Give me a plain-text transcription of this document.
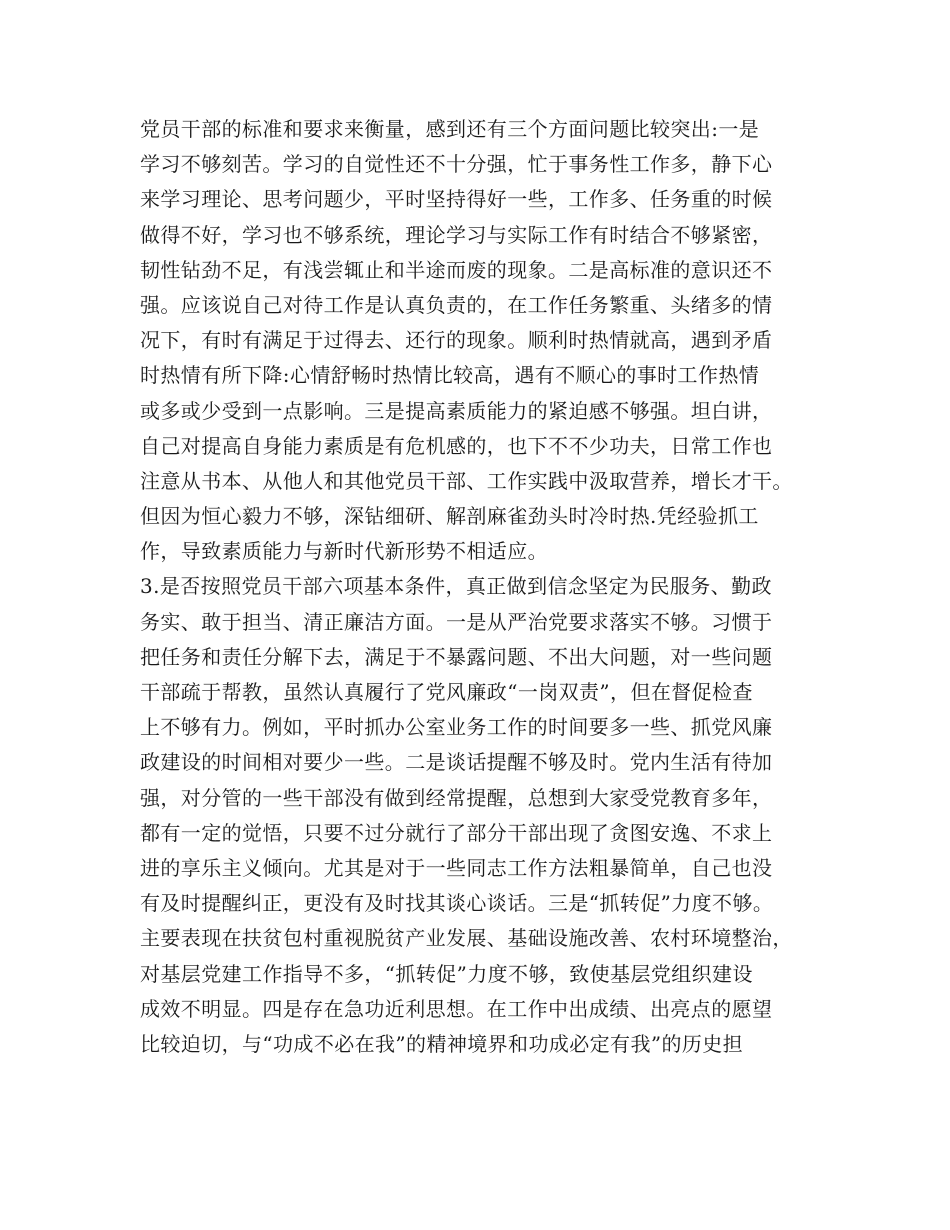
党员干部的标准和要求来衡量，感到还有三个方面问题比较突出:一是
学习不够刻苦。学习的自觉性还不十分强，忙于事务性工作多，静下心
来学习理论、思考问题少，平时坚持得好一些，工作多、任务重的时候
做得不好，学习也不够系统，理论学习与实际工作有时结合不够紧密，
韧性钻劲不足，有浅尝辄止和半途而废的现象。二是高标准的意识还不
强。应该说自己对待工作是认真负责的，在工作任务繁重、头绪多的情
况下，有时有满足于过得去、还行的现象。顺利时热情就高，遇到矛盾
时热情有所下降:心情舒畅时热情比较高，遇有不顺心的事时工作热情
或多或少受到一点影响。三是提高素质能力的紧迫感不够强。坦白讲，
自己对提高自身能力素质是有危机感的，也下不不少功夫，日常工作也
注意从书本、从他人和其他党员干部、工作实践中汲取营养，增长才干。
但因为恒心毅力不够，深钻细研、解剖麻雀劲头时冷时热.凭经验抓工
作，导致素质能力与新时代新形势不相适应。
3.是否按照党员干部六项基本条件，真正做到信念坚定为民服务、勤政
务实、敢于担当、清正廉洁方面。一是从严治党要求落实不够。习惯于
把任务和责任分解下去，满足于不暴露问题、不出大问题，对一些问题
干部疏于帮教，虽然认真履行了党风廉政“一岗双责”，但在督促检查
上不够有力。例如，平时抓办公室业务工作的时间要多一些、抓党风廉
政建设的时间相对要少一些。二是谈话提醒不够及时。党内生活有待加
强，对分管的一些干部没有做到经常提醒，总想到大家受党教育多年，
都有一定的觉悟，只要不过分就行了部分干部出现了贪图安逸、不求上
进的享乐主义倾向。尤其是对于一些同志工作方法粗暴简单，自己也没
有及时提醒纠正，更没有及时找其谈心谈话。三是“抓转促”力度不够。
主要表现在扶贫包村重视脱贫产业发展、基础设施改善、农村环境整治，
对基层党建工作指导不多，“抓转促”力度不够，致使基层党组织建设
成效不明显。四是存在急功近利思想。在工作中出成绩、出亮点的愿望
比较迫切，与“功成不必在我”的精神境界和功成必定有我”的历史担
